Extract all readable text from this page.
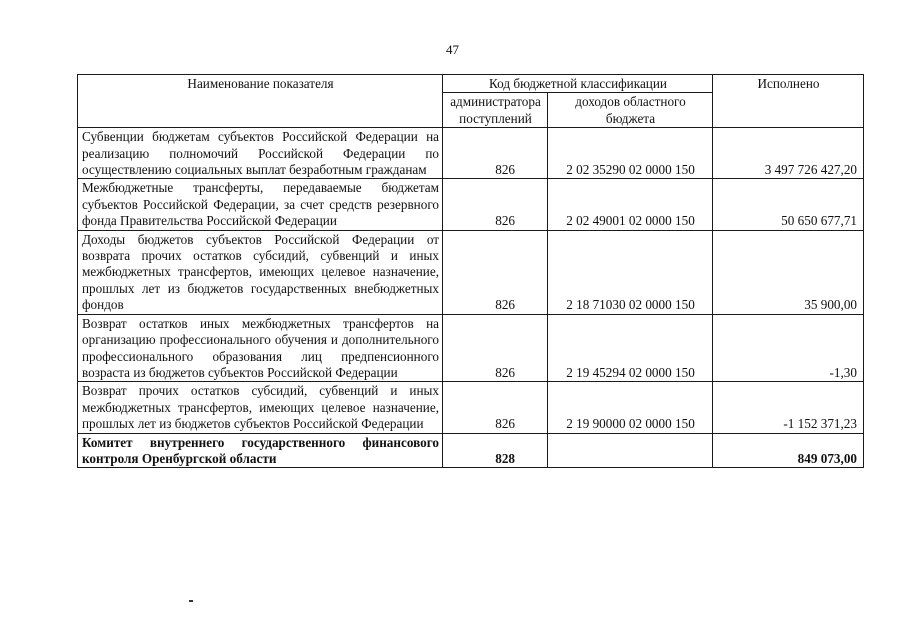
47
Наименование показателя	Код бюджетной классификации		Исполнено
	администратора поступлений	доходов областного бюджета	
Субвенции бюджетам субъектов Российской Федерации на реализацию полномочий Российской Федерации по осуществлению социальных выплат безработным гражданам	826	2 02 35290 02 0000 150	3 497 726 427,20
Межбюджетные трансферты, передаваемые бюджетам субъектов Российской Федерации, за счет средств резервного фонда Правительства Российской Федерации	826	2 02 49001 02 0000 150	50 650 677,71
Доходы бюджетов субъектов Российской Федерации от возврата прочих остатков субсидий, субвенций и иных межбюджетных трансфертов, имеющих целевое назначение, прошлых лет из бюджетов государственных внебюджетных фондов	826	2 18 71030 02 0000 150	35 900,00
Возврат остатков иных межбюджетных трансфертов на организацию профессионального обучения и дополнительного профессионального образования лиц предпенсионного возраста из бюджетов субъектов Российской Федерации	826	2 19 45294 02 0000 150	-1,30
Возврат прочих остатков субсидий, субвенций и иных межбюджетных трансфертов, имеющих целевое назначение, прошлых лет из бюджетов субъектов Российской Федерации	826	2 19 90000 02 0000 150	-1 152 371,23
Комитет внутреннего государственного финансового контроля Оренбургской области	828		849 073,00
